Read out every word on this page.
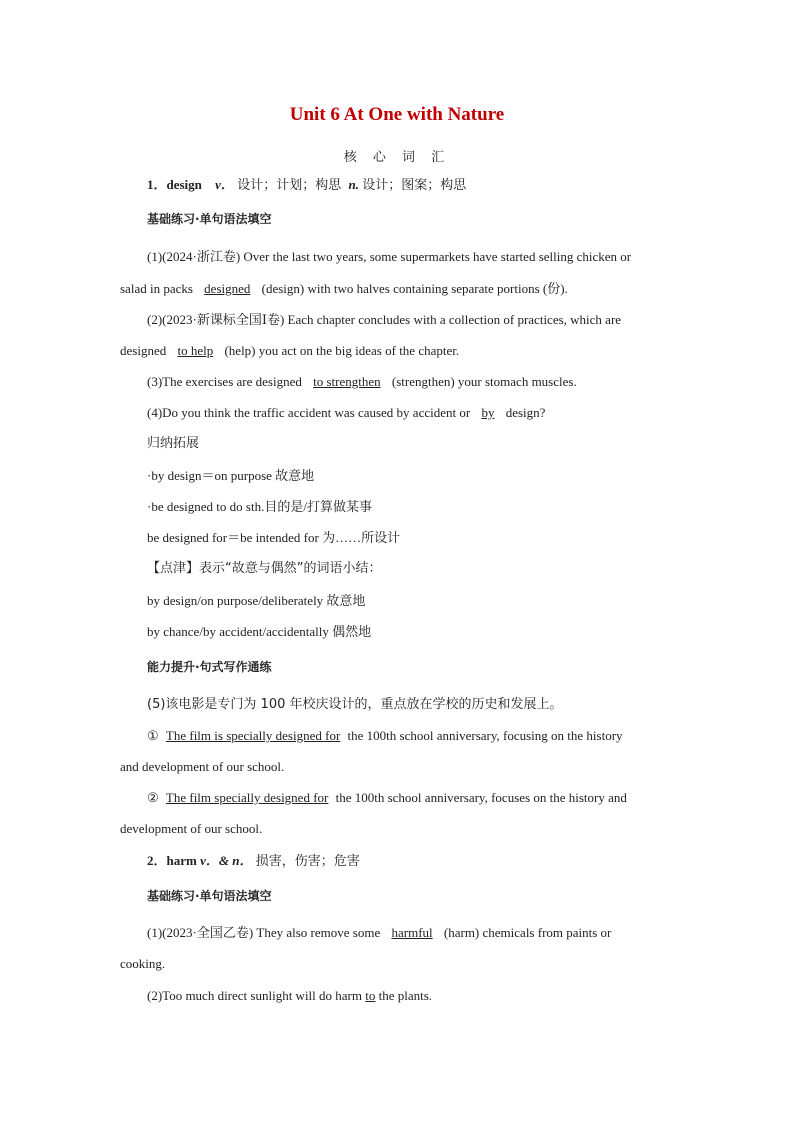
Unit 6 At One with Nature
核 心 词 汇
1．design v． 设计；计划；构思 n. 设计；图案；构思
基础练习·单句语法填空
(1)(2024·浙江卷) Over the last two years, some supermarkets have started selling chicken or
salad in packs designed (design) with two halves containing separate portions (份).
(2)(2023·新课标全国Ⅰ卷) Each chapter concludes with a collection of practices, which are
designed to help (help) you act on the big ideas of the chapter.
(3)The exercises are designed to strengthen (strengthen) your stomach muscles.
(4)Do you think the traffic accident was caused by accident or by design?
归纳拓展
·by design＝on purpose 故意地
·be designed to do sth.目的是/打算做某事
be designed for＝be intended for 为……所设计
【点津】表示“故意与偶然”的词语小结：
by design/on purpose/deliberately 故意地
by chance/by accident/accidentally 偶然地
能力提升·句式写作通练
(5)该电影是专门为 100 年校庆设计的，重点放在学校的历史和发展上。
① The film is specially designed for the 100th school anniversary, focusing on the history
and development of our school.
② The film specially designed for the 100th school anniversary, focuses on the history and
development of our school.
2．harm v．& n． 损害，伤害；危害
基础练习·单句语法填空
(1)(2023·全国乙卷) They also remove some harmful (harm) chemicals from paints or
cooking.
(2)Too much direct sunlight will do harm to the plants.
